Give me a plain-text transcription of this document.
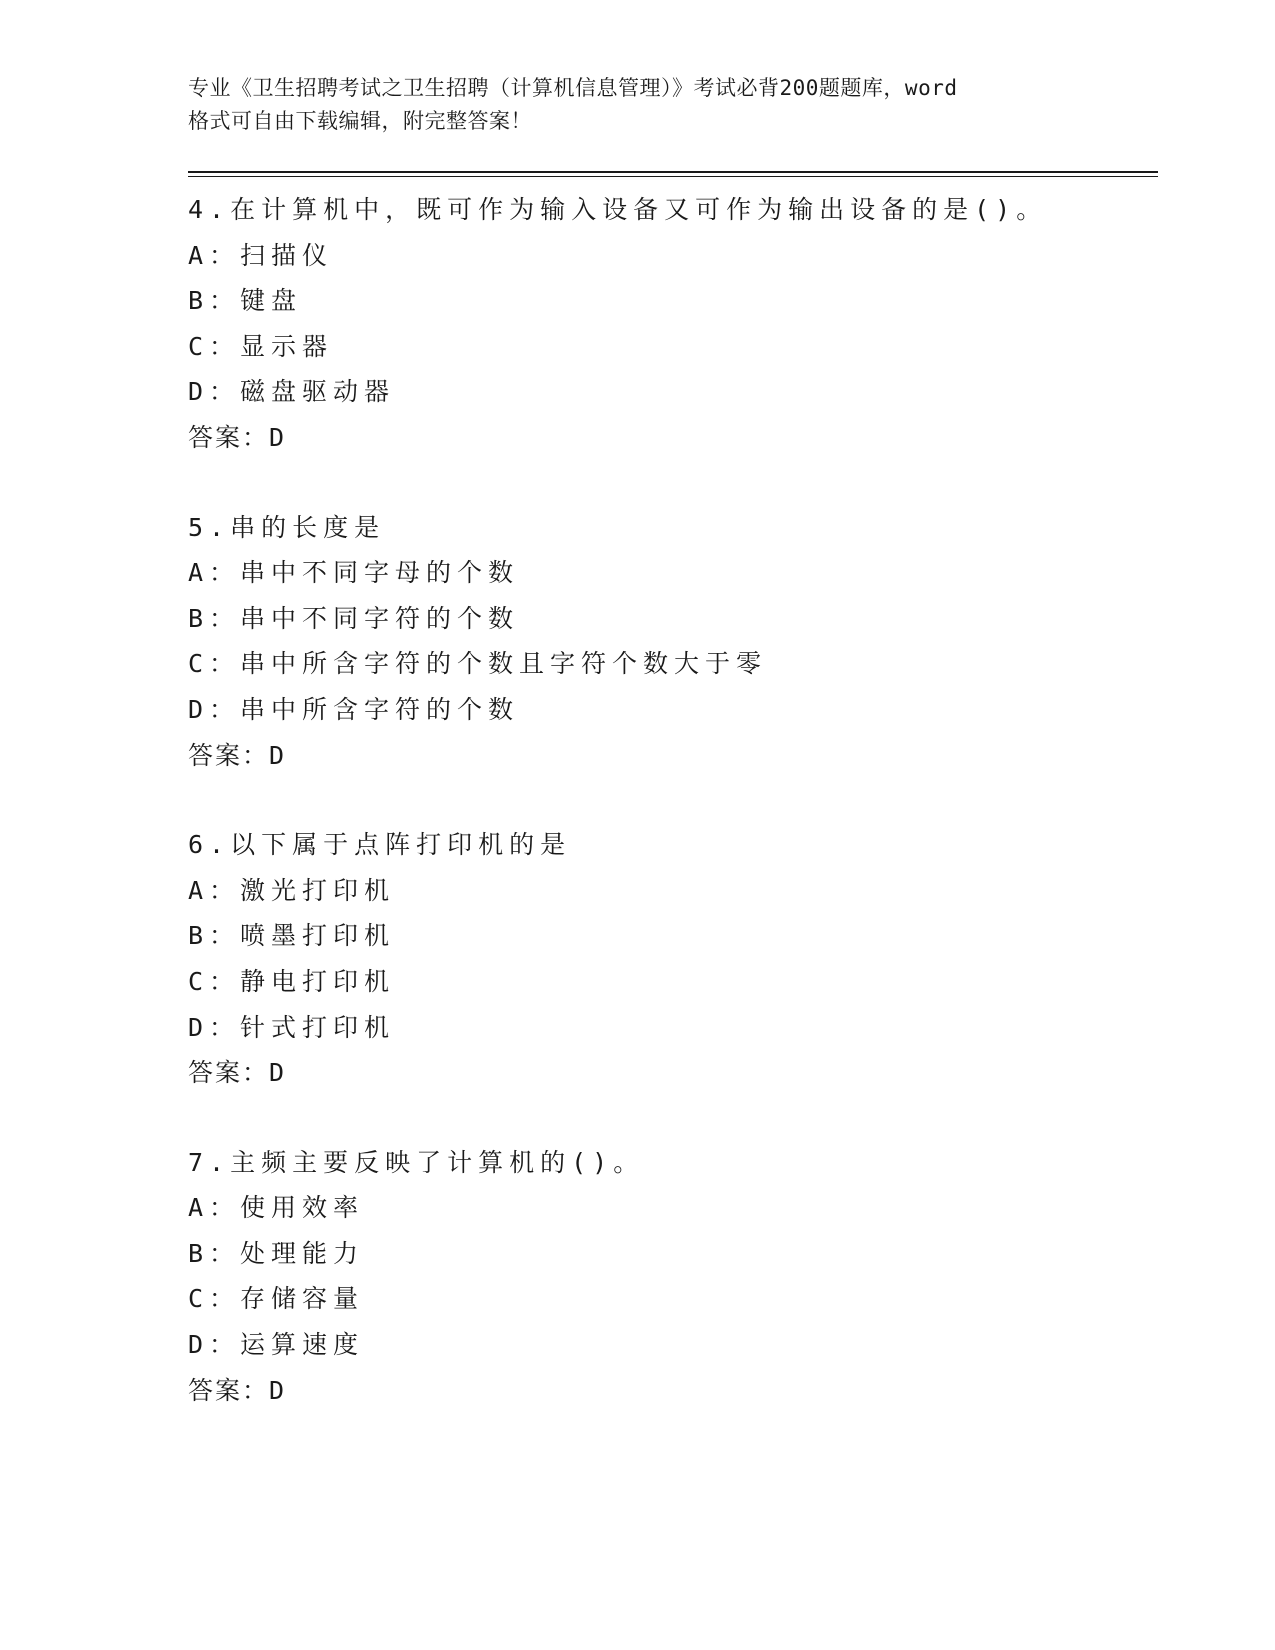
专业《卫生招聘考试之卫生招聘（计算机信息管理）》考试必背200题题库，word
格式可自由下载编辑，附完整答案！
4.在计算机中，既可作为输入设备又可作为输出设备的是()。
A：扫描仪
B：键盘
C：显示器
D：磁盘驱动器
答案：D
5.串的长度是
A：串中不同字母的个数
B：串中不同字符的个数
C：串中所含字符的个数且字符个数大于零
D：串中所含字符的个数
答案：D
6.以下属于点阵打印机的是
A：激光打印机
B：喷墨打印机
C：静电打印机
D：针式打印机
答案：D
7.主频主要反映了计算机的()。
A：使用效率
B：处理能力
C：存储容量
D：运算速度
答案：D
